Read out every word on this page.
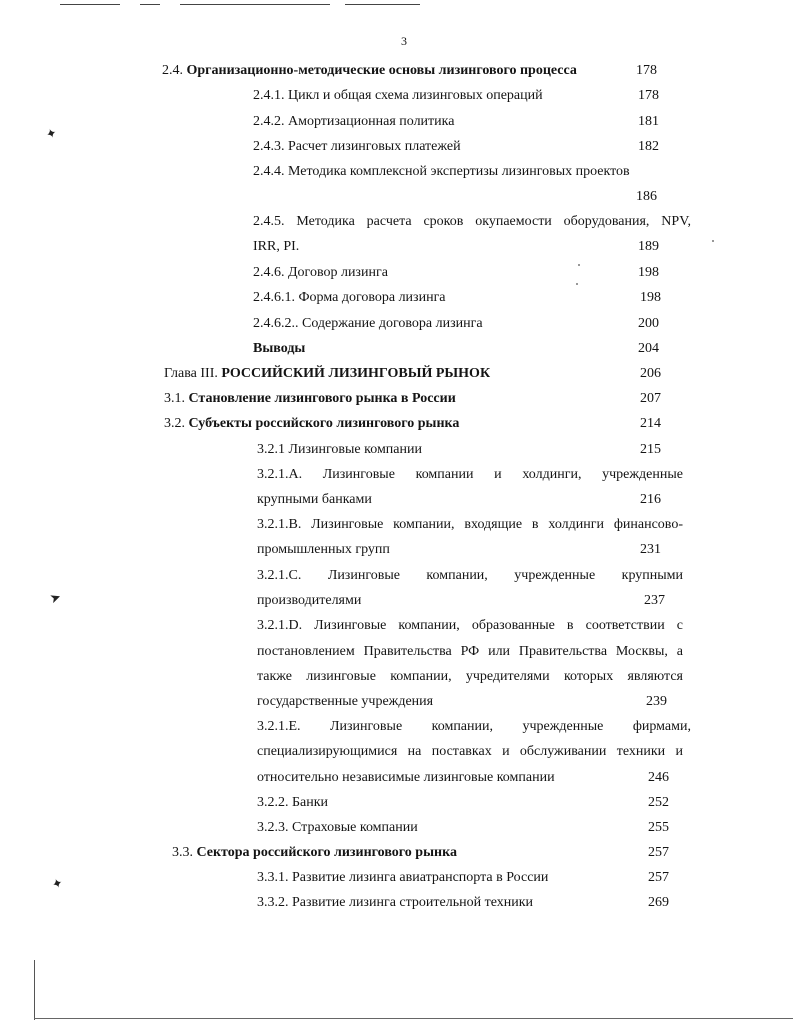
✦
➤
✦
3
2.4. Организационно-методические основы лизингового процесса	178
2.4.1. Цикл и общая схема лизинговых операций	178
2.4.2. Амортизационная политика	181
2.4.3. Расчет лизинговых платежей	182
2.4.4. Методика комплексной экспертизы лизинговых проектов
186
2.4.5. Методика расчета сроков окупаемости оборудования, NPV,
IRR, PI.	189
2.4.6. Договор лизинга	198
2.4.6.1. Форма договора лизинга	198
2.4.6.2.. Содержание договора лизинга	200
Выводы	204
Глава III. РОССИЙСКИЙ ЛИЗИНГОВЫЙ РЫНОК	206
3.1. Становление лизингового рынка в России	207
3.2. Субъекты российского лизингового рынка	214
3.2.1 Лизинговые компании	215
3.2.1.А. Лизинговые компании и холдинги, учрежденные
крупными банками	216
3.2.1.В. Лизинговые компании, входящие в холдинги финансово-
промышленных групп	231
3.2.1.С. Лизинговые компании, учрежденные крупными
производителями	237
3.2.1.D. Лизинговые компании, образованные в соответствии с
постановлением Правительства РФ или Правительства Москвы, а
также лизинговые компании, учредителями которых являются
государственные учреждения	239
3.2.1.Е. Лизинговые компании, учрежденные фирмами,
специализирующимися на поставках и обслуживании техники и
относительно независимые лизинговые компании	246
3.2.2. Банки	252
3.2.3. Страховые компании	255
3.3. Сектора российского лизингового рынка	257
3.3.1. Развитие лизинга авиатранспорта в России	257
3.3.2. Развитие лизинга строительной техники	269
